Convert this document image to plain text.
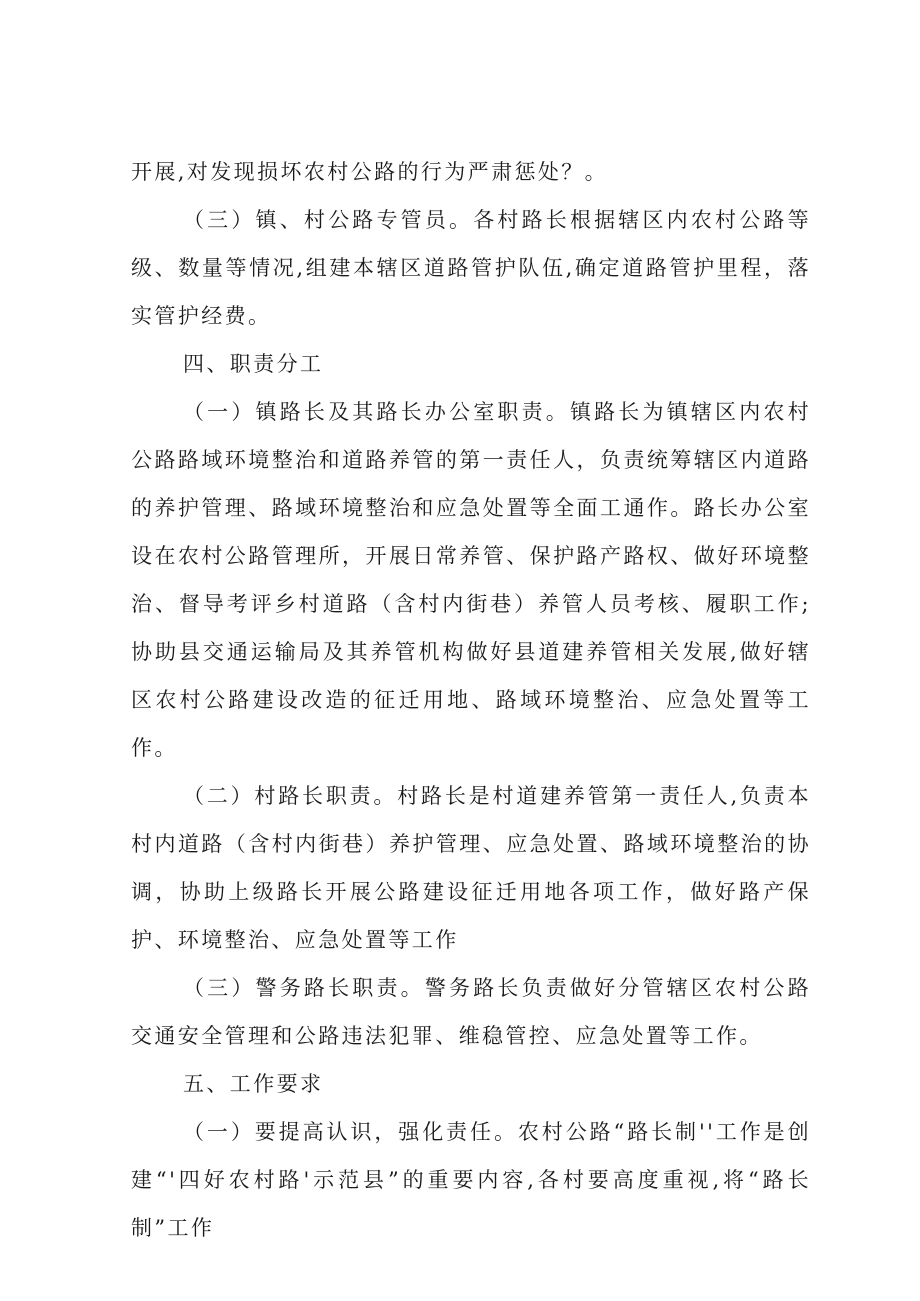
开展,对发现损坏农村公路的行为严肃惩处？。

（三）镇、村公路专管员。各村路长根据辖区内农村公路等级、数量等情况,组建本辖区道路管护队伍,确定道路管护里程，落实管护经费。

四、职责分工

（一）镇路长及其路长办公室职责。镇路长为镇辖区内农村公路路域环境整治和道路养管的第一责任人，负责统筹辖区内道路的养护管理、路域环境整治和应急处置等全面工通作。路长办公室设在农村公路管理所，开展日常养管、保护路产路权、做好环境整治、督导考评乡村道路（含村内街巷）养管人员考核、履职工作;协助县交通运输局及其养管机构做好县道建养管相关发展,做好辖区农村公路建设改造的征迁用地、路域环境整治、应急处置等工作。

（二）村路长职责。村路长是村道建养管第一责任人,负责本村内道路（含村内街巷）养护管理、应急处置、路域环境整治的协调，协助上级路长开展公路建设征迁用地各项工作，做好路产保护、环境整治、应急处置等工作

（三）警务路长职责。警务路长负责做好分管辖区农村公路交通安全管理和公路违法犯罪、维稳管控、应急处置等工作。

五、工作要求

（一）要提高认识，强化责任。农村公路“路长制''工作是创建“'四好农村路'示范县”的重要内容,各村要高度重视,将“路长制”工作
